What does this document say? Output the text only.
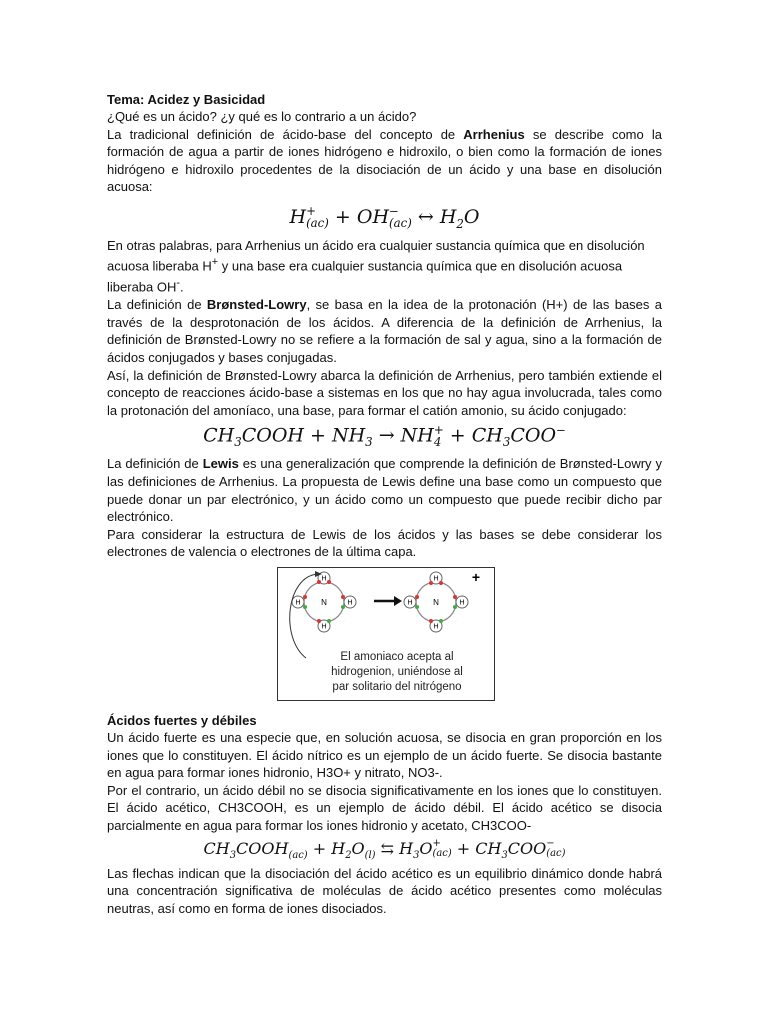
Tema: Acidez y Basicidad

¿Qué es un ácido? ¿y qué es lo contrario a un ácido?

La tradicional definición de ácido-base del concepto de Arrhenius se describe como la formación de agua a partir de iones hidrógeno e hidroxilo, o bien como la formación de iones hidrógeno e hidroxilo procedentes de la disociación de un ácido y una base en disolución acuosa:

H +
(ac) + OH −
(ac) ↔ $H_2O$

En otras palabras, para Arrhenius un ácido era cualquier sustancia química que en disolución acuosa liberaba H+ y una base era cualquier sustancia química que en disolución acuosa liberaba OH-.

La definición de Brønsted-Lowry, se basa en la idea de la protonación (H+) de las bases a través de la desprotonación de los ácidos. A diferencia de la definición de Arrhenius, la definición de Brønsted-Lowry no se refiere a la formación de sal y agua, sino a la formación de ácidos conjugados y bases conjugadas.

Así, la definición de Brønsted-Lowry abarca la definición de Arrhenius, pero también extiende el concepto de reacciones ácido-base a sistemas en los que no hay agua involucrada, tales como la protonación del amoníaco, una base, para formar el catión amonio, su ácido conjugado:

$CH_3COOH + NH_3$ → NH +
$4 + CH_3COO^-$

La definición de Lewis es una generalización que comprende la definición de Brønsted-Lowry y las definiciones de Arrhenius. La propuesta de Lewis define una base como un compuesto que puede donar un par electrónico, y un ácido como un compuesto que puede recibir dicho par electrónico.

Para considerar la estructura de Lewis de los ácidos y las bases se debe considerar los electrones de valencia o electrones de la última capa.

N
H
H	H
H
N
H
H	H
H
+
El amoniaco acepta al
hidrogenion, uniéndose al
par solitario del nitrógeno

Ácidos fuertes y débiles

Un ácido fuerte es una especie que, en solución acuosa, se disocia en gran proporción en los iones que lo constituyen. El ácido nítrico es un ejemplo de un ácido fuerte. Se disocia bastante en agua para formar iones hidronio, H3O+ y nitrato, NO3-.

Por el contrario, un ácido débil no se disocia significativamente en los iones que lo constituyen. El ácido acético, CH3COOH, es un ejemplo de ácido débil. El ácido acético se disocia parcialmente en agua para formar los iones hidronio y acetato, CH3COO-

$CH_3COOH_{(ac)} + H_2O_{(l)}$ ⇆ $H_3O$ +
$(ac) + CH_3COO$ −
(ac)

Las flechas indican que la disociación del ácido acético es un equilibrio dinámico donde habrá una concentración significativa de moléculas de ácido acético presentes como moléculas neutras, así como en forma de iones disociados.
